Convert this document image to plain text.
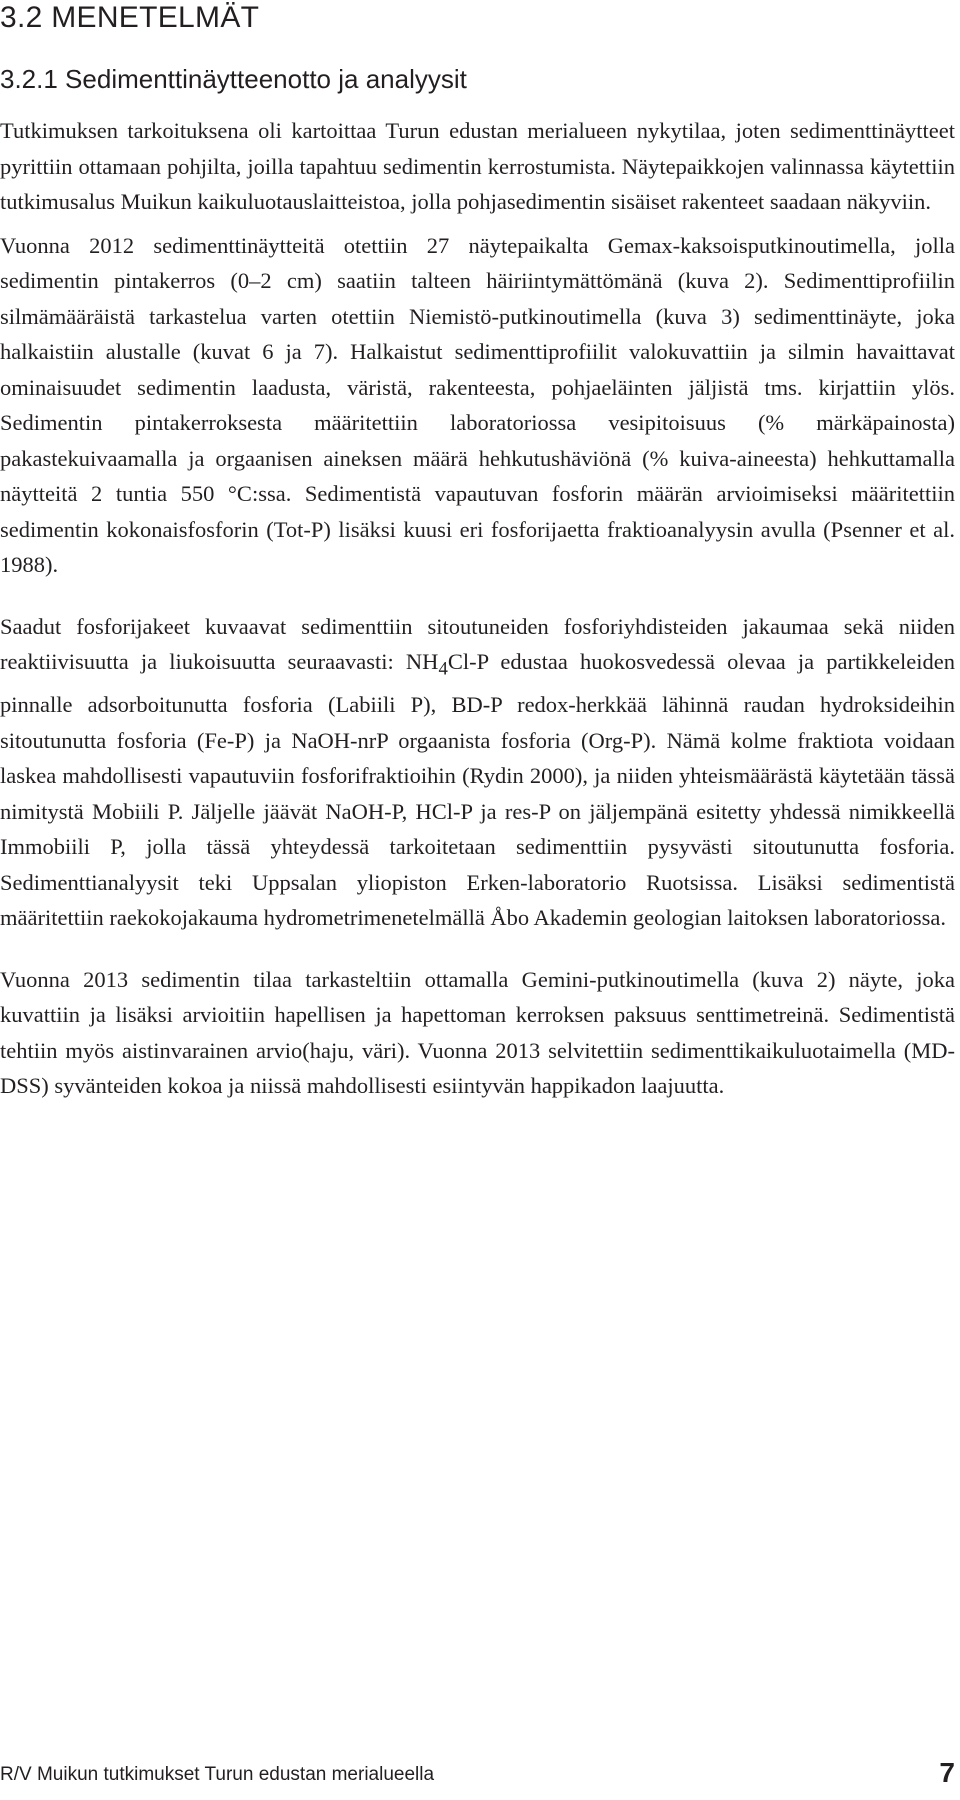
3.2 MENETELMÄT
3.2.1 Sedimenttinäytteenotto ja analyysit

Tutkimuksen tarkoituksena oli kartoittaa Turun edustan merialueen nykytilaa, joten sedimenttinäytteet pyrittiin ottamaan pohjilta, joilla tapahtuu sedimentin kerrostumista. Näytepaikkojen valinnassa käytettiin tutkimusalus Muikun kaikuluotauslaitteistoa, jolla pohjasedimentin sisäiset rakenteet saadaan näkyviin.

Vuonna 2012 sedimenttinäytteitä otettiin 27 näytepaikalta Gemax-kaksoisputkinoutimella, jolla sedimentin pintakerros (0–2 cm) saatiin talteen häiriintymättömänä (kuva 2). Sedimenttiprofiilin silmämääräistä tarkastelua varten otettiin Niemistö-putkinoutimella (kuva 3) sedimenttinäyte, joka halkaistiin alustalle (kuvat 6 ja 7). Halkaistut sedimenttiprofiilit valokuvattiin ja silmin havaittavat ominaisuudet sedimentin laadusta, väristä, rakenteesta, pohjaeläinten jäljistä tms. kirjattiin ylös. Sedimentin pintakerroksesta määritettiin laboratoriossa vesipitoisuus (% märkäpainosta) pakastekuivaamalla ja orgaanisen aineksen määrä hehkutushäviönä (% kuiva-aineesta) hehkuttamalla näytteitä 2 tuntia 550 °C:ssa. Sedimentistä vapautuvan fosforin määrän arvioimiseksi määritettiin sedimentin kokonaisfosforin (Tot-P) lisäksi kuusi eri fosforijaetta fraktioanalyysin avulla (Psenner et al. 1988).

Saadut fosforijakeet kuvaavat sedimenttiin sitoutuneiden fosforiyhdisteiden jakaumaa sekä niiden reaktiivisuutta ja liukoisuutta seuraavasti: $NH_4Cl-P$ edustaa huokosvedessä olevaa ja partikkeleiden pinnalle adsorboitunutta fosforia (Labiili P), BD-P redox-herkkää lähinnä raudan hydroksideihin sitoutunutta fosforia (Fe-P) ja NaOH-nrP orgaanista fosforia (Org-P). Nämä kolme fraktiota voidaan laskea mahdollisesti vapautuviin fosforifraktioihin (Rydin 2000), ja niiden yhteismäärästä käytetään tässä nimitystä Mobiili P. Jäljelle jäävät NaOH-P, HCl-P ja res-P on jäljempänä esitetty yhdessä nimikkeellä Immobiili P, jolla tässä yhteydessä tarkoitetaan sedimenttiin pysyvästi sitoutunutta fosforia. Sedimenttianalyysit teki Uppsalan yliopiston Erken-laboratorio Ruotsissa. Lisäksi sedimentistä määritettiin raekokojakauma hydrometrimenetelmällä Åbo Akademin geologian laitoksen laboratoriossa.

Vuonna 2013 sedimentin tilaa tarkasteltiin ottamalla Gemini-putkinoutimella (kuva 2) näyte, joka kuvattiin ja lisäksi arvioitiin hapellisen ja hapettoman kerroksen paksuus senttimetreinä. Sedimentistä tehtiin myös aistinvarainen arvio(haju, väri). Vuonna 2013 selvitettiin sedimenttikaikuluotaimella (MD-DSS) syvänteiden kokoa ja niissä mahdollisesti esiintyvän happikadon laajuutta.

R/V Muikun tutkimukset Turun edustan merialueella	7
